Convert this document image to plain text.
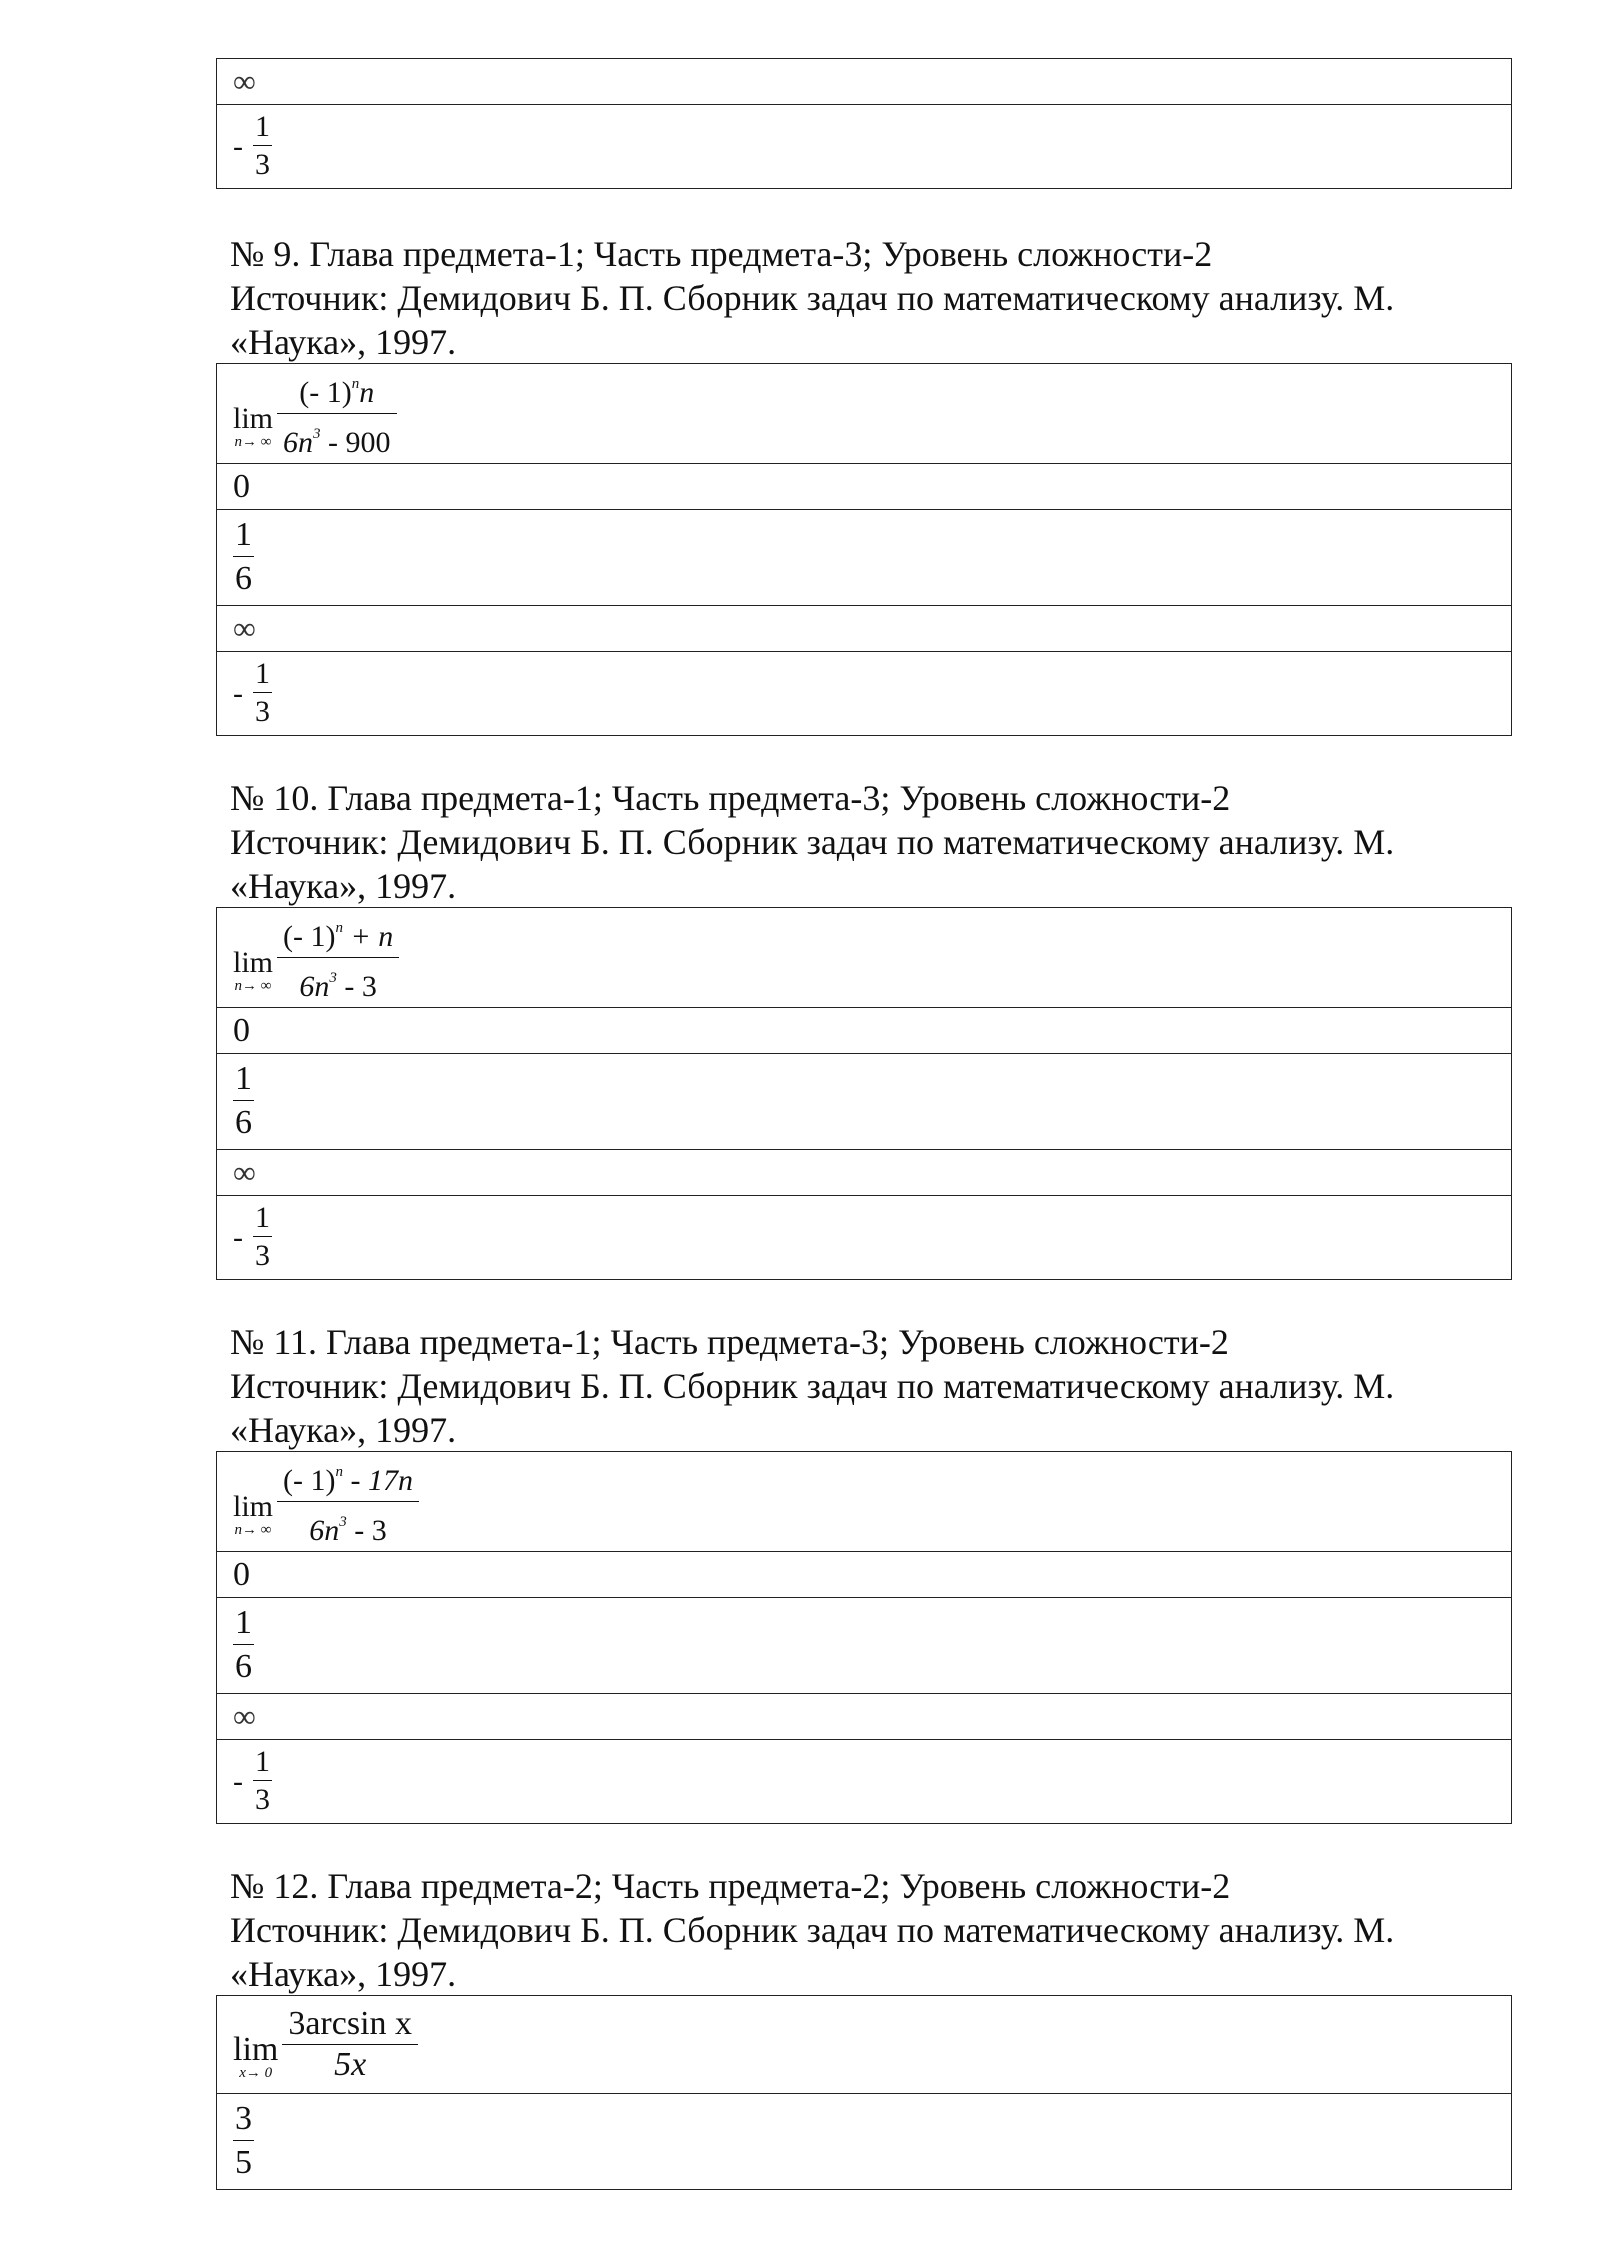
∞
- $\frac{1}{3}$
№ 9. Глава предмета-1; Часть предмета-3; Уровень сложности-2
Источник: Демидович Б. П. Сборник задач по математическому анализу. М.
«Наука», 1997.
lim
n→ ∞
(- 1)$^n$n
$6n^3 - 900$

0

$\frac{1}{6}$

∞
- $\frac{1}{3}$
№ 10. Глава предмета-1; Часть предмета-3; Уровень сложности-2
Источник: Демидович Б. П. Сборник задач по математическому анализу. М.
«Наука», 1997.
lim
n→ ∞
(- 1)$^n$ + n
$6n^3 - 3$

0

$\frac{1}{6}$

∞
- $\frac{1}{3}$
№ 11. Глава предмета-1; Часть предмета-3; Уровень сложности-2
Источник: Демидович Б. П. Сборник задач по математическому анализу. М.
«Наука», 1997.
lim
n→ ∞
(- 1)$^n$ - 17n
$6n^3 - 3$

0

$\frac{1}{6}$

∞
- $\frac{1}{3}$
№ 12. Глава предмета-2; Часть предмета-2; Уровень сложности-2
Источник: Демидович Б. П. Сборник задач по математическому анализу. М.
«Наука», 1997.
lim
x→ 0
3arcsin x
5x

$\frac{3}{5}$
